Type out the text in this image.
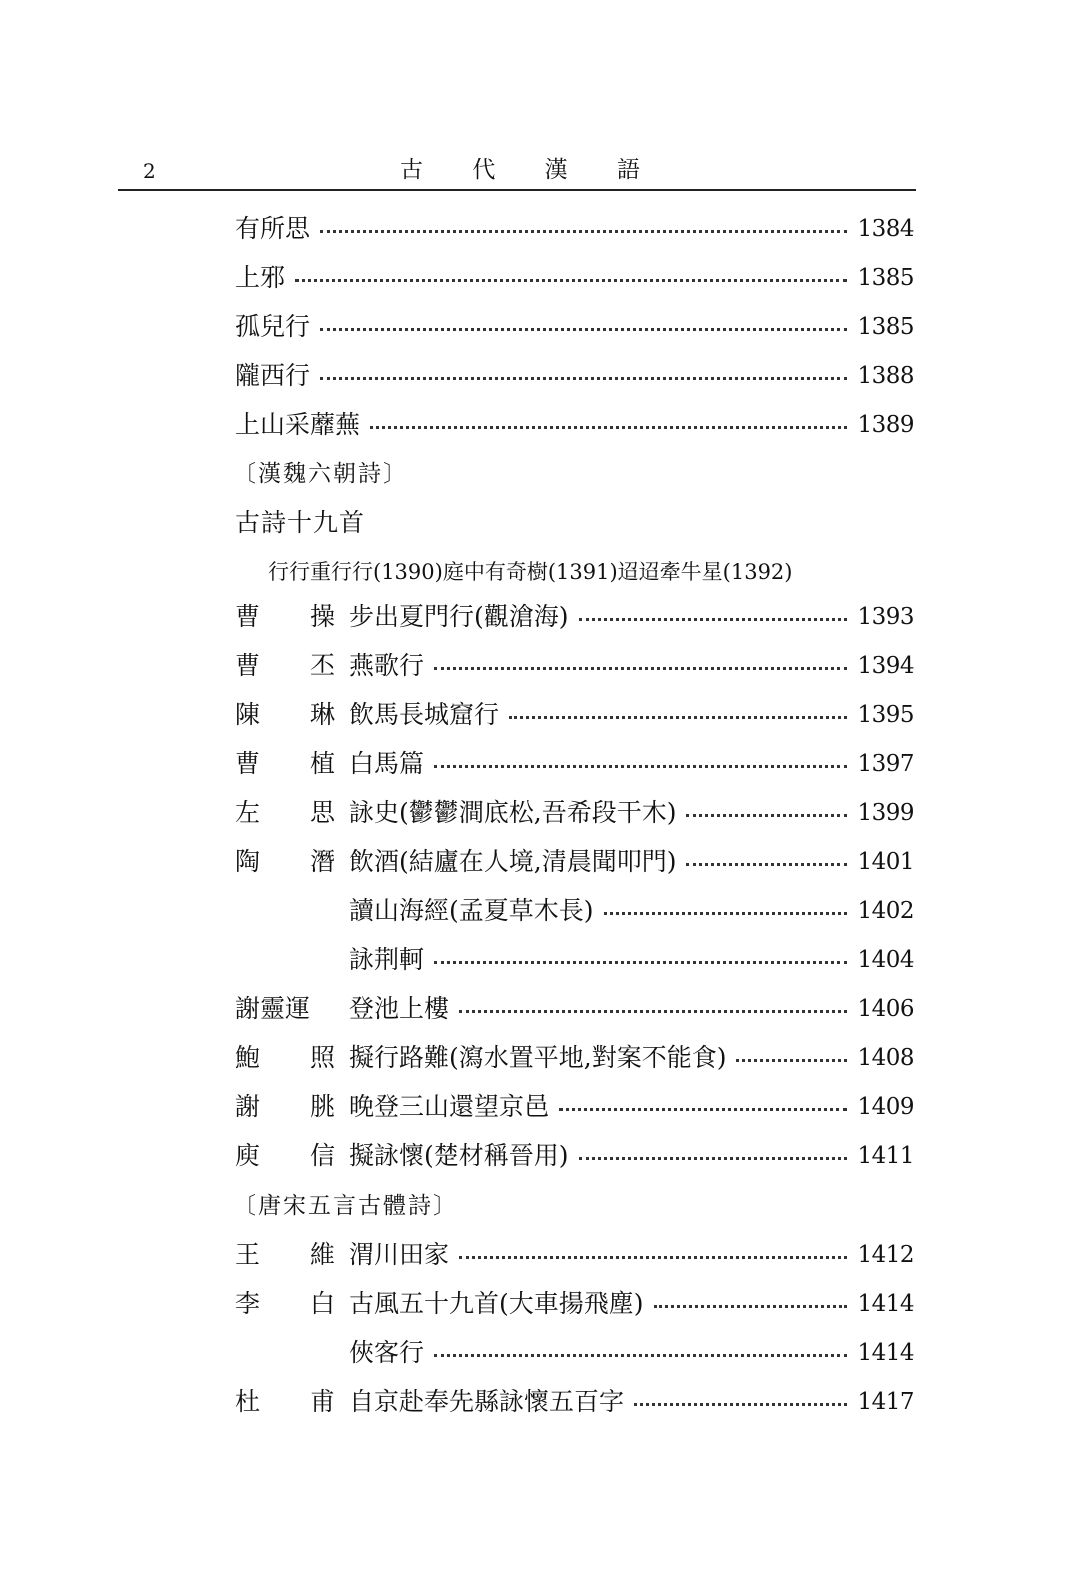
2	古 代 漢 語
有所思	1384
上邪	1385
孤兒行	1385
隴西行	1388
上山采蘼蕪	1389
〔漢魏六朝詩〕
古詩十九首
行行重行行(1390)庭中有奇樹(1391)迢迢牽牛星(1392)
曹 操 步出夏門行(觀滄海)	1393
曹 丕 燕歌行	1394
陳 琳 飲馬長城窟行	1395
曹 植 白馬篇	1397
左 思 詠史(鬱鬱澗底松,吾希段干木)	1399
陶 潛 飲酒(結廬在人境,清晨聞叩門)	1401
讀山海經(孟夏草木長)	1402
詠荆軻	1404
謝靈運 登池上樓	1406
鮑 照 擬行路難(瀉水置平地,對案不能食)	1408
謝 朓 晚登三山還望京邑	1409
庾 信 擬詠懷(楚材稱晉用)	1411
〔唐宋五言古體詩〕
王 維 渭川田家	1412
李 白 古風五十九首(大車揚飛塵)	1414
俠客行	1414
杜 甫 自京赴奉先縣詠懷五百字	1417
